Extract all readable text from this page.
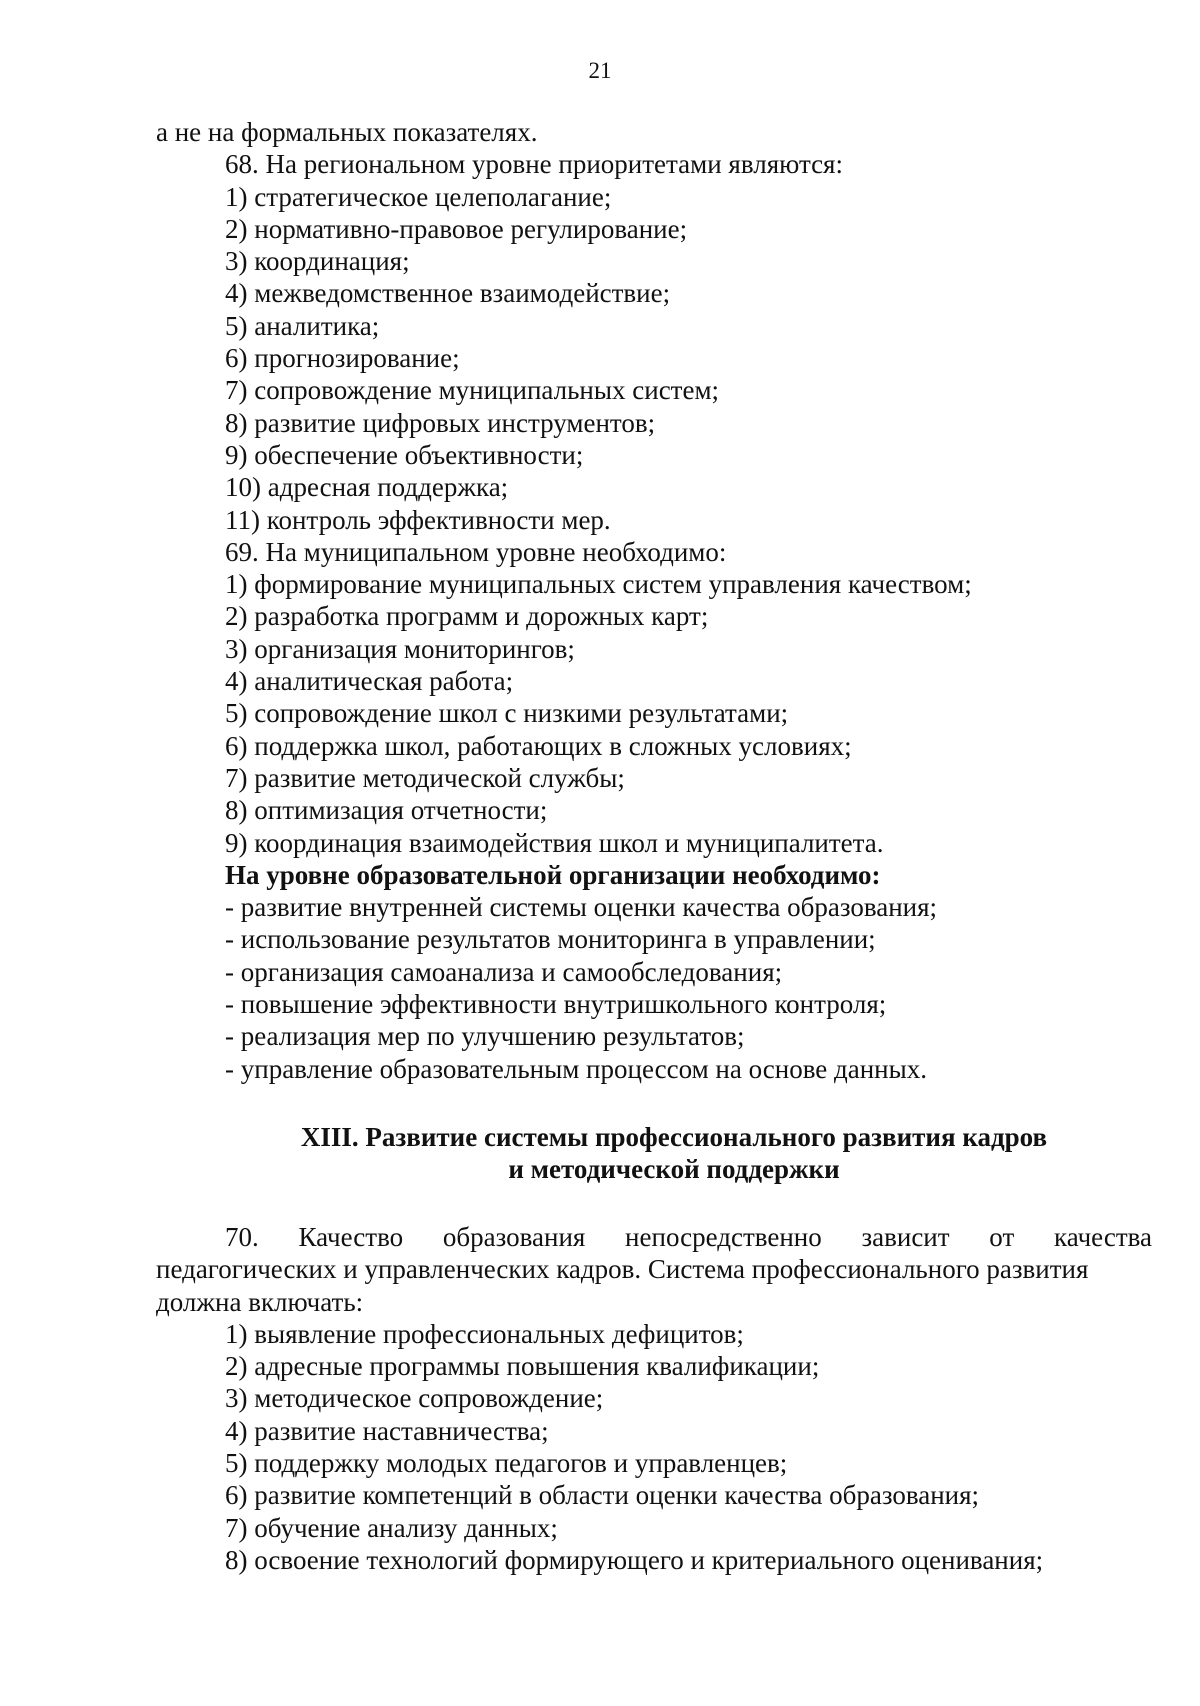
21
а не на формальных показателях.
68. На региональном уровне приоритетами являются:
1) стратегическое целеполагание;
2) нормативно-правовое регулирование;
3) координация;
4) межведомственное взаимодействие;
5) аналитика;
6) прогнозирование;
7) сопровождение муниципальных систем;
8) развитие цифровых инструментов;
9) обеспечение объективности;
10) адресная поддержка;
11) контроль эффективности мер.
69. На муниципальном уровне необходимо:
1) формирование муниципальных систем управления качеством;
2) разработка программ и дорожных карт;
3) организация мониторингов;
4) аналитическая работа;
5) сопровождение школ с низкими результатами;
6) поддержка школ, работающих в сложных условиях;
7) развитие методической службы;
8) оптимизация отчетности;
9) координация взаимодействия школ и муниципалитета.
На уровне образовательной организации необходимо:
- развитие внутренней системы оценки качества образования;
- использование результатов мониторинга в управлении;
- организация самоанализа и самообследования;
- повышение эффективности внутришкольного контроля;
- реализация мер по улучшению результатов;
- управление образовательным процессом на основе данных.
XIII. Развитие системы профессионального развития кадров
и методической поддержки
70. Качество образования непосредственно зависит от качества
педагогических и управленческих кадров. Система профессионального развития
должна включать:
1) выявление профессиональных дефицитов;
2) адресные программы повышения квалификации;
3) методическое сопровождение;
4) развитие наставничества;
5) поддержку молодых педагогов и управленцев;
6) развитие компетенций в области оценки качества образования;
7) обучение анализу данных;
8) освоение технологий формирующего и критериального оценивания;
